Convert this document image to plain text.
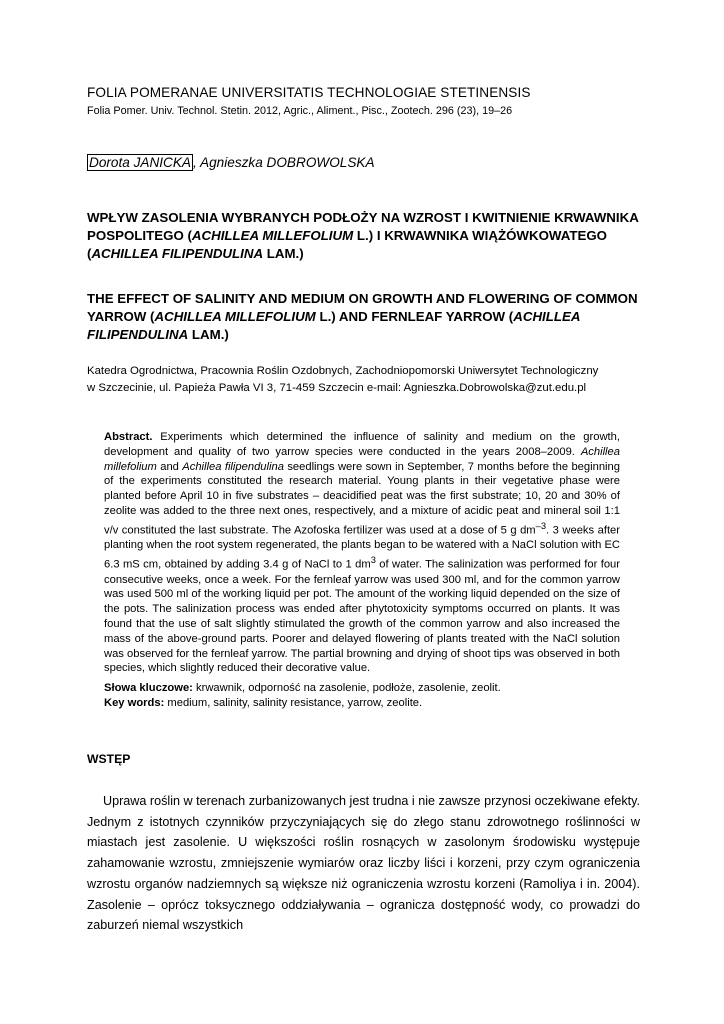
FOLIA POMERANAE UNIVERSITATIS TECHNOLOGIAE STETINENSIS
Folia Pomer. Univ. Technol. Stetin. 2012, Agric., Aliment., Pisc., Zootech. 296 (23), 19–26
Dorota JANICKA , Agnieszka DOBROWOLSKA
WPŁYW ZASOLENIA WYBRANYCH PODŁOŻY NA WZROST I KWITNIENIE KRWAWNIKA POSPOLITEGO (ACHILLEA MILLEFOLIUM L.) I KRWAWNIKA WIĄŻÓWKOWATEGO (ACHILLEA FILIPENDULINA LAM.)
THE EFFECT OF SALINITY AND MEDIUM ON GROWTH AND FLOWERING OF COMMON YARROW (ACHILLEA MILLEFOLIUM L.) AND FERNLEAF YARROW (ACHILLEA FILIPENDULINA LAM.)
Katedra Ogrodnictwa, Pracownia Roślin Ozdobnych, Zachodniopomorski Uniwersytet Technologiczny
w Szczecinie, ul. Papieża Pawła VI 3, 71-459 Szczecin e-mail: Agnieszka.Dobrowolska@zut.edu.pl

Abstract. Experiments which determined the influence of salinity and medium on the growth, development and quality of two yarrow species were conducted in the years 2008–2009. Achillea millefolium and Achillea filipendulina seedlings were sown in September, 7 months before the beginning of the experiments constituted the research material. Young plants in their vegetative phase were planted before April 10 in five substrates – deacidified peat was the first substrate; 10, 20 and 30% of zeolite was added to the three next ones, respectively, and a mixture of acidic peat and mineral soil 1:1 v/v constituted the last substrate. The Azofoska fertilizer was used at a dose of 5 g $dm^{-3}$. 3 weeks after planting when the root system regenerated, the plants began to be watered with a NaCl solution with EC 6.3 mS cm, obtained by adding 3.4 g of NaCl to 1 $dm^3$ of water. The salinization was performed for four consecutive weeks, once a week. For the fernleaf yarrow was used 300 ml, and for the common yarrow was used 500 ml of the working liquid per pot. The amount of the working liquid depended on the size of the pots. The salinization process was ended after phytotoxicity symptoms occurred on plants. It was found that the use of salt slightly stimulated the growth of the common yarrow and also increased the mass of the above-ground parts. Poorer and delayed flowering of plants treated with the NaCl solution was observed for the fernleaf yarrow. The partial browning and drying of shoot tips was observed in both species, which slightly reduced their decorative value.

Słowa kluczowe: krwawnik, odporność na zasolenie, podłoże, zasolenie, zeolit.
Key words: medium, salinity, salinity resistance, yarrow, zeolite.
WSTĘP

Uprawa roślin w terenach zurbanizowanych jest trudna i nie zawsze przynosi oczekiwane efekty. Jednym z istotnych czynników przyczyniających się do złego stanu zdrowotnego roślinności w miastach jest zasolenie. U większości roślin rosnących w zasolonym środowisku występuje zahamowanie wzrostu, zmniejszenie wymiarów oraz liczby liści i korzeni, przy czym ograniczenia wzrostu organów nadziemnych są większe niż ograniczenia wzrostu korzeni (Ramoliya i in. 2004). Zasolenie – oprócz toksycznego oddziaływania – ogranicza dostępność wody, co prowadzi do zaburzeń niemal wszystkich
